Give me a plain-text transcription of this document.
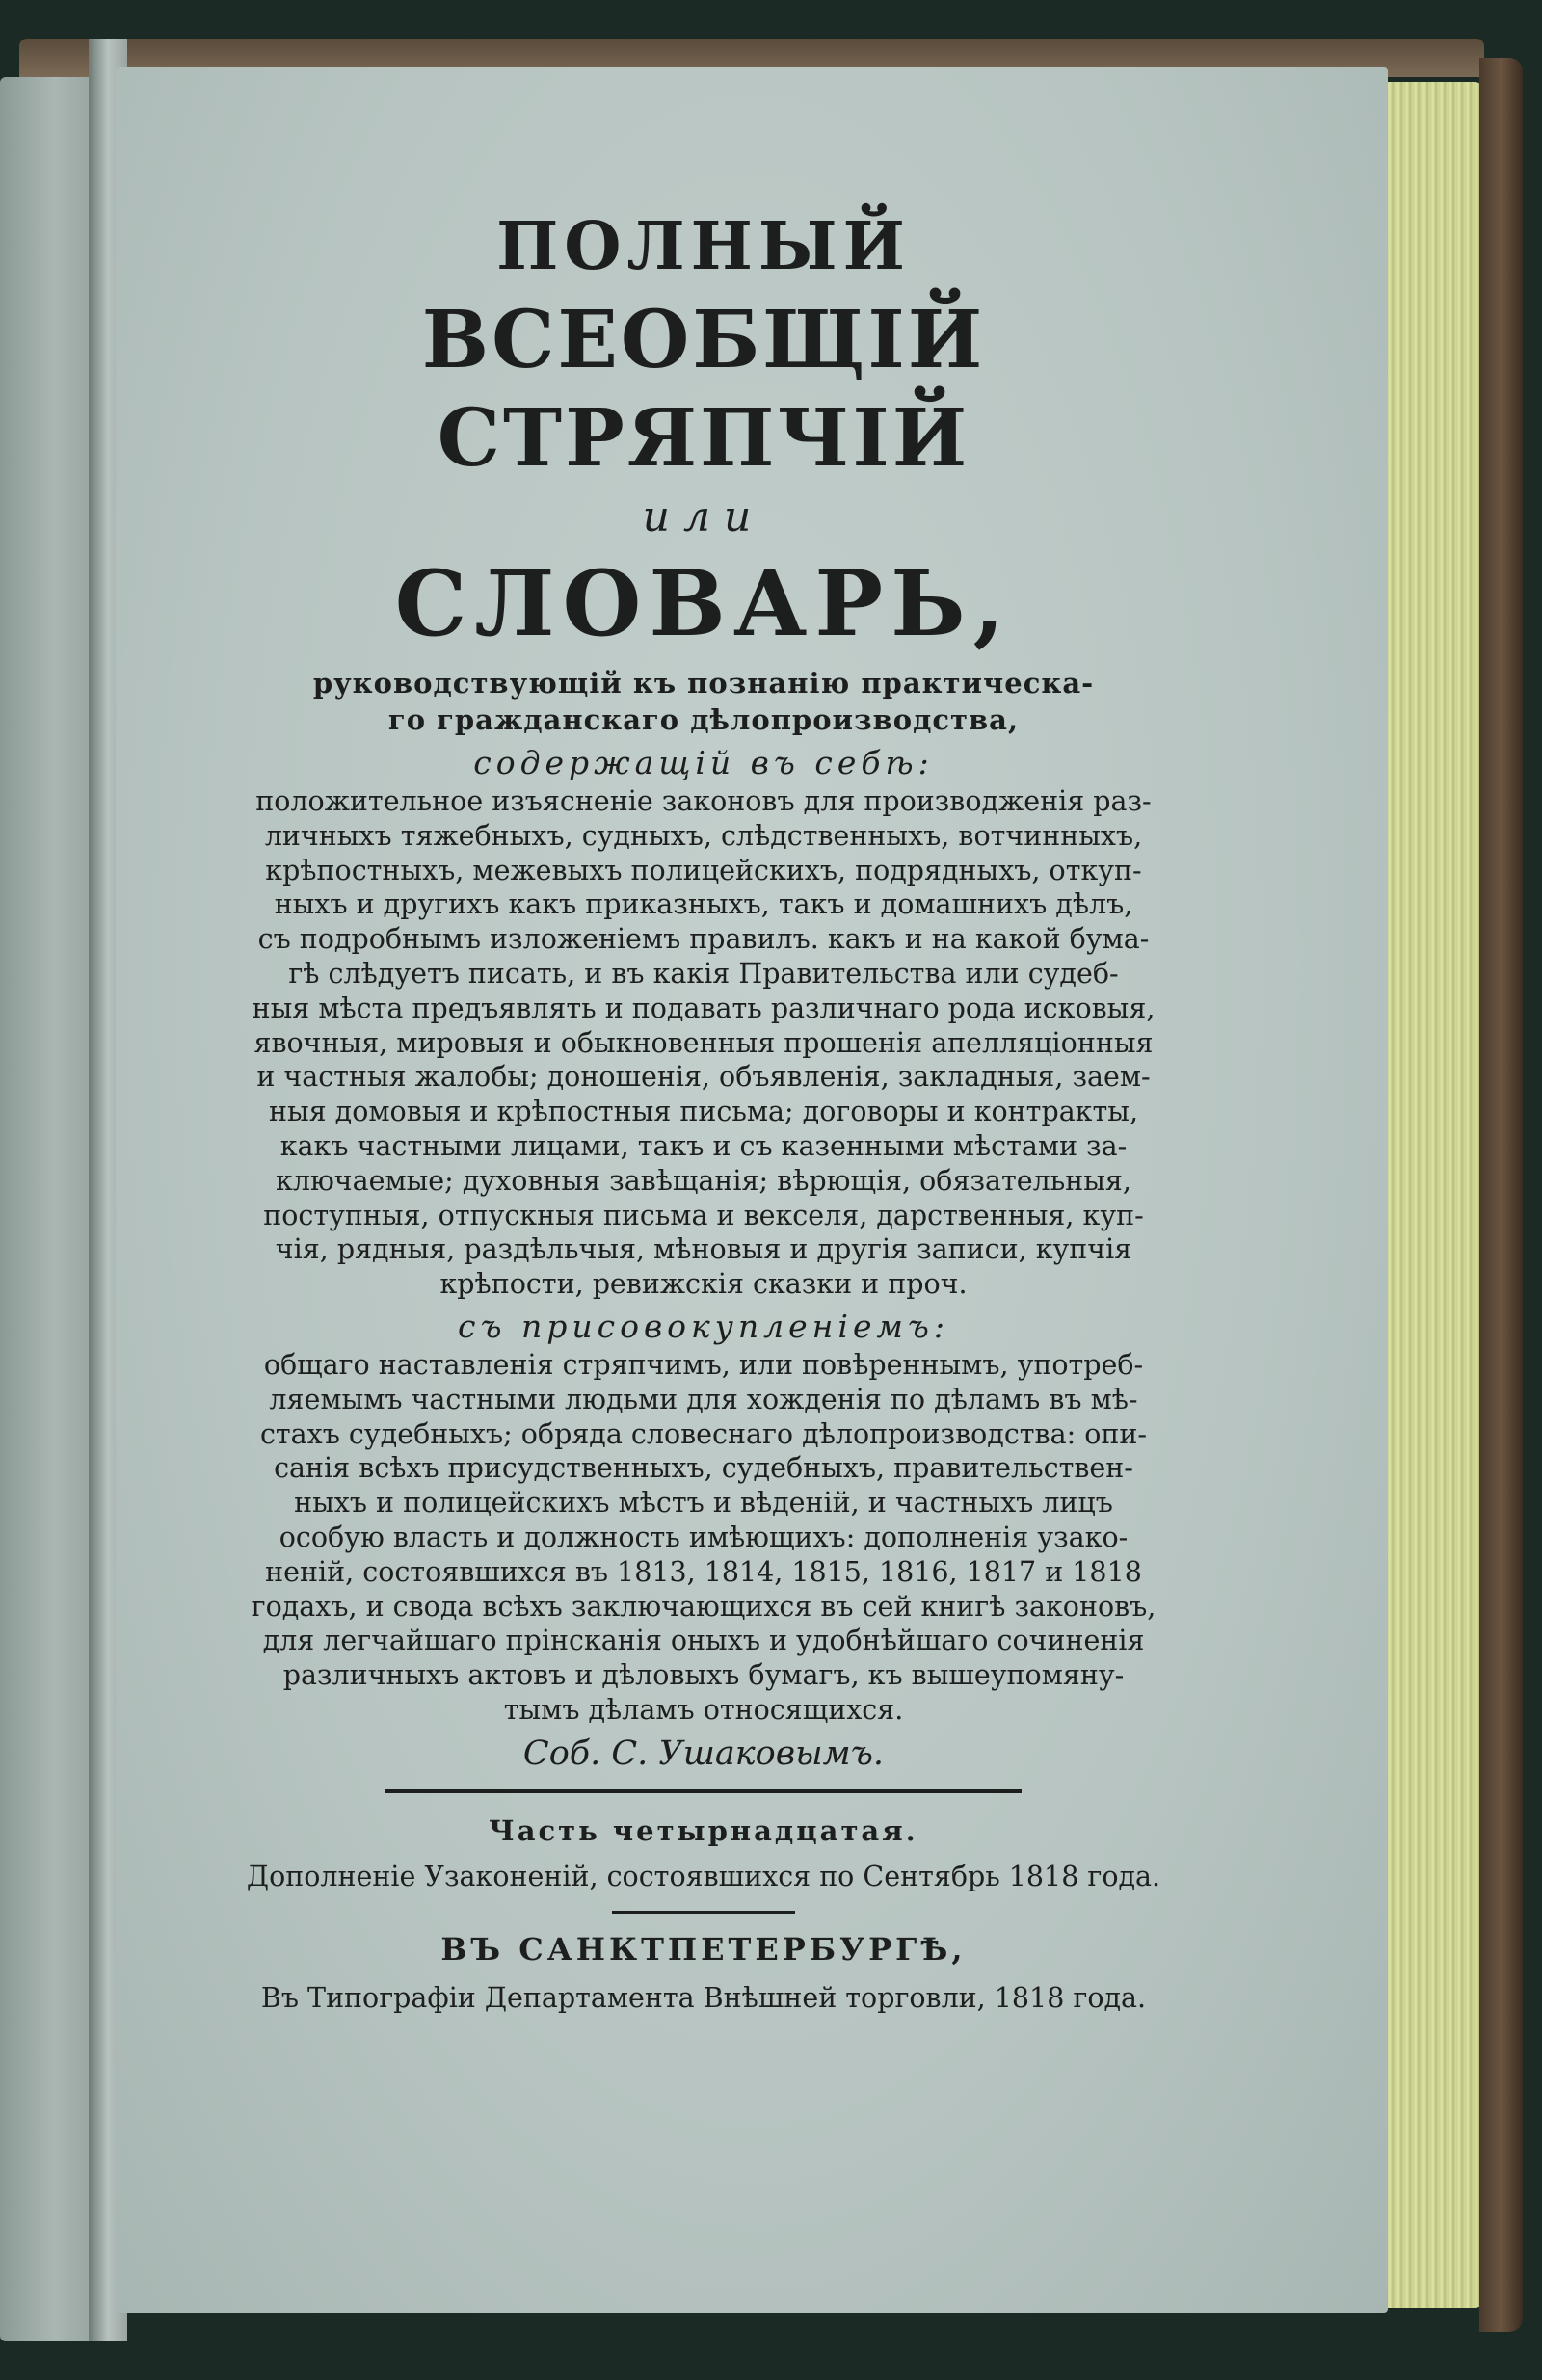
ПОЛНЫЙ

ВСЕОБЩІЙ СТРЯПЧІЙ

или

СЛОВАРЬ,

руководствующій къ познанію практическа-

го гражданскаго дѣлопроизводства,

содержащій въ себѣ:

положительное изъясненіе законовъ для производженія раз-
личныхъ тяжебныхъ, судныхъ, слѣдственныхъ, вотчинныхъ,
крѣпостныхъ, межевыхъ полицейскихъ, подрядныхъ, откуп-
ныхъ и другихъ какъ приказныхъ, такъ и домашнихъ дѣлъ,
съ подробнымъ изложеніемъ правилъ. какъ и на какой бума-
гѣ слѣдуетъ писать, и въ какія Правительства или судеб-
ныя мѣста предъявлять и подавать различнаго рода исковыя,
явочныя, мировыя и обыкновенныя прошенія апелляціонныя
и частныя жалобы; доношенія, объявленія, закладныя, заем-
ныя домовыя и крѣпостныя письма; договоры и контракты,
какъ частными лицами, такъ и съ казенными мѣстами за-
ключаемые; духовныя завѣщанія; вѣрющія, обязательныя,
поступныя, отпускныя письма и векселя, дарственныя, куп-
чія, рядныя, раздѣльчыя, мѣновыя и другія записи, купчія
крѣпости, ревижскія сказки и проч.

съ присовокупленіемъ:

общаго наставленія стряпчимъ, или повѣреннымъ, употреб-
ляемымъ частными людьми для хожденія по дѣламъ въ мѣ-
стахъ судебныхъ; обряда словеснаго дѣлопроизводства: опи-
санія всѣхъ присудственныхъ, судебныхъ, правительствен-
ныхъ и полицейскихъ мѣстъ и вѣденій, и частныхъ лицъ
особую власть и должность имѣющихъ: дополненія узако-
неній, состоявшихся въ 1813, 1814, 1815, 1816, 1817 и 1818
годахъ, и свода всѣхъ заключающихся въ сей книгѣ законовъ,
для легчайшаго прінсканія оныхъ и удобнѣйшаго сочиненія
различныхъ актовъ и дѣловыхъ бумагъ, къ вышеупомяну-
тымъ дѣламъ относящихся.

Соб. С. Ушаковымъ.

Часть четырнадцатая.

Дополненіе Узаконеній, состоявшихся по Сентябрь 1818 года.

ВЪ САНКТПЕТЕРБУРГѢ,

Въ Типографіи Департамента Внѣшней торговли, 1818 года.
